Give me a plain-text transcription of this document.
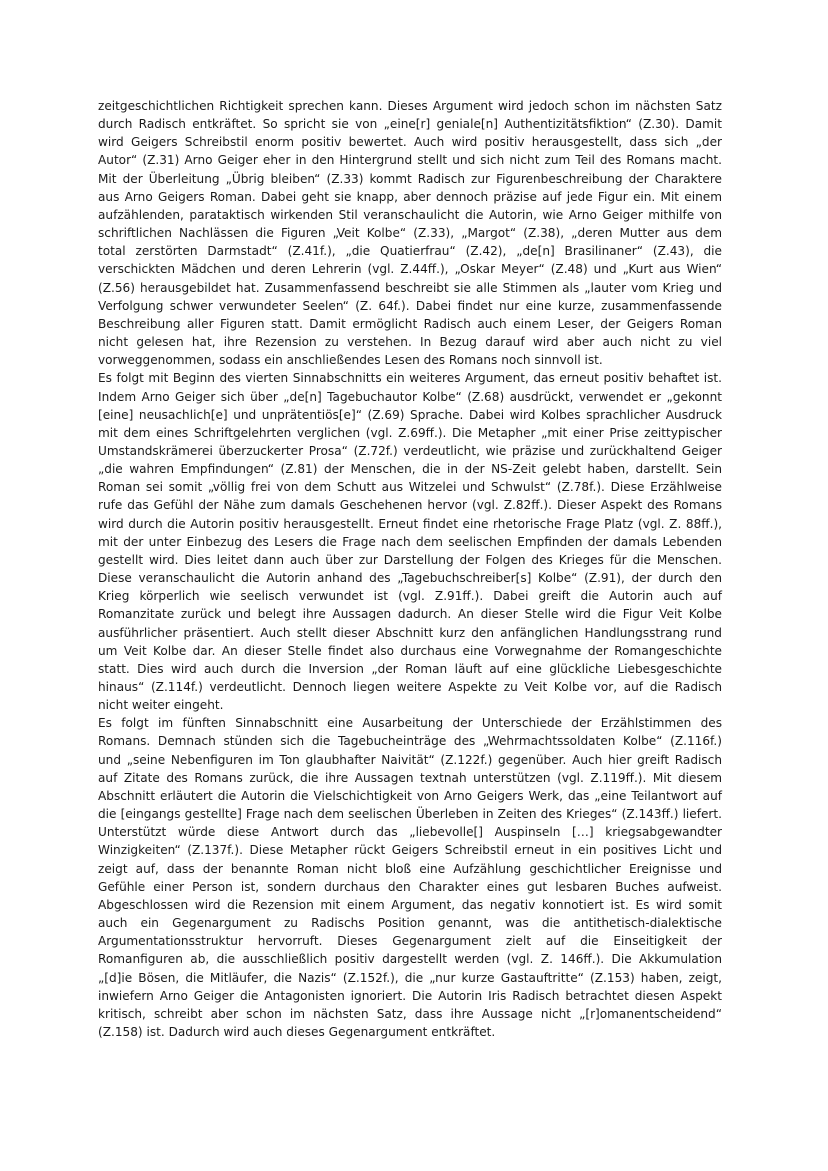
zeitgeschichtlichen Richtigkeit sprechen kann. Dieses Argument wird jedoch schon im nächsten Satz
durch Radisch entkräftet. So spricht sie von „eine[r] geniale[n] Authentizitätsfiktion“ (Z.30). Damit
wird Geigers Schreibstil enorm positiv bewertet. Auch wird positiv herausgestellt, dass sich „der
Autor“ (Z.31) Arno Geiger eher in den Hintergrund stellt und sich nicht zum Teil des Romans macht.
Mit der Überleitung „Übrig bleiben“ (Z.33) kommt Radisch zur Figurenbeschreibung der Charaktere
aus Arno Geigers Roman. Dabei geht sie knapp, aber dennoch präzise auf jede Figur ein. Mit einem
aufzählenden, parataktisch wirkenden Stil veranschaulicht die Autorin, wie Arno Geiger mithilfe von
schriftlichen Nachlässen die Figuren „Veit Kolbe“ (Z.33), „Margot“ (Z.38), „deren Mutter aus dem
total zerstörten Darmstadt“ (Z.41f.), „die Quatierfrau“ (Z.42), „de[n] Brasilinaner“ (Z.43), die
verschickten Mädchen und deren Lehrerin (vgl. Z.44ff.), „Oskar Meyer“ (Z.48) und „Kurt aus Wien“
(Z.56) herausgebildet hat. Zusammenfassend beschreibt sie alle Stimmen als „lauter vom Krieg und
Verfolgung schwer verwundeter Seelen“ (Z. 64f.). Dabei findet nur eine kurze, zusammenfassende
Beschreibung aller Figuren statt. Damit ermöglicht Radisch auch einem Leser, der Geigers Roman
nicht gelesen hat, ihre Rezension zu verstehen. In Bezug darauf wird aber auch nicht zu viel
vorweggenommen, sodass ein anschließendes Lesen des Romans noch sinnvoll ist.
Es folgt mit Beginn des vierten Sinnabschnitts ein weiteres Argument, das erneut positiv behaftet ist.
Indem Arno Geiger sich über „de[n] Tagebuchautor Kolbe“ (Z.68) ausdrückt, verwendet er „gekonnt
[eine] neusachlich[e] und unprätentiös[e]“ (Z.69) Sprache. Dabei wird Kolbes sprachlicher Ausdruck
mit dem eines Schriftgelehrten verglichen (vgl. Z.69ff.). Die Metapher „mit einer Prise zeittypischer
Umstandskrämerei überzuckerter Prosa“ (Z.72f.) verdeutlicht, wie präzise und zurückhaltend Geiger
„die wahren Empfindungen“ (Z.81) der Menschen, die in der NS-Zeit gelebt haben, darstellt. Sein
Roman sei somit „völlig frei von dem Schutt aus Witzelei und Schwulst“ (Z.78f.). Diese Erzählweise
rufe das Gefühl der Nähe zum damals Geschehenen hervor (vgl. Z.82ff.). Dieser Aspekt des Romans
wird durch die Autorin positiv herausgestellt. Erneut findet eine rhetorische Frage Platz (vgl. Z. 88ff.),
mit der unter Einbezug des Lesers die Frage nach dem seelischen Empfinden der damals Lebenden
gestellt wird. Dies leitet dann auch über zur Darstellung der Folgen des Krieges für die Menschen.
Diese veranschaulicht die Autorin anhand des „Tagebuchschreiber[s] Kolbe“ (Z.91), der durch den
Krieg körperlich wie seelisch verwundet ist (vgl. Z.91ff.). Dabei greift die Autorin auch auf
Romanzitate zurück und belegt ihre Aussagen dadurch. An dieser Stelle wird die Figur Veit Kolbe
ausführlicher präsentiert. Auch stellt dieser Abschnitt kurz den anfänglichen Handlungsstrang rund
um Veit Kolbe dar. An dieser Stelle findet also durchaus eine Vorwegnahme der Romangeschichte
statt. Dies wird auch durch die Inversion „der Roman läuft auf eine glückliche Liebesgeschichte
hinaus“ (Z.114f.) verdeutlicht. Dennoch liegen weitere Aspekte zu Veit Kolbe vor, auf die Radisch
nicht weiter eingeht.
Es folgt im fünften Sinnabschnitt eine Ausarbeitung der Unterschiede der Erzählstimmen des
Romans. Demnach stünden sich die Tagebucheinträge des „Wehrmachtssoldaten Kolbe“ (Z.116f.)
und „seine Nebenfiguren im Ton glaubhafter Naivität“ (Z.122f.) gegenüber. Auch hier greift Radisch
auf Zitate des Romans zurück, die ihre Aussagen textnah unterstützen (vgl. Z.119ff.). Mit diesem
Abschnitt erläutert die Autorin die Vielschichtigkeit von Arno Geigers Werk, das „eine Teilantwort auf
die [eingangs gestellte] Frage nach dem seelischen Überleben in Zeiten des Krieges“ (Z.143ff.) liefert.
Unterstützt würde diese Antwort durch das „liebevolle[] Auspinseln […] kriegsabgewandter
Winzigkeiten“ (Z.137f.). Diese Metapher rückt Geigers Schreibstil erneut in ein positives Licht und
zeigt auf, dass der benannte Roman nicht bloß eine Aufzählung geschichtlicher Ereignisse und
Gefühle einer Person ist, sondern durchaus den Charakter eines gut lesbaren Buches aufweist.
Abgeschlossen wird die Rezension mit einem Argument, das negativ konnotiert ist. Es wird somit
auch ein Gegenargument zu Radischs Position genannt, was die antithetisch-dialektische
Argumentationsstruktur hervorruft. Dieses Gegenargument zielt auf die Einseitigkeit der
Romanfiguren ab, die ausschließlich positiv dargestellt werden (vgl. Z. 146ff.). Die Akkumulation
„[d]ie Bösen, die Mitläufer, die Nazis“ (Z.152f.), die „nur kurze Gastauftritte“ (Z.153) haben, zeigt,
inwiefern Arno Geiger die Antagonisten ignoriert. Die Autorin Iris Radisch betrachtet diesen Aspekt
kritisch, schreibt aber schon im nächsten Satz, dass ihre Aussage nicht „[r]omanentscheidend“
(Z.158) ist. Dadurch wird auch dieses Gegenargument entkräftet.
